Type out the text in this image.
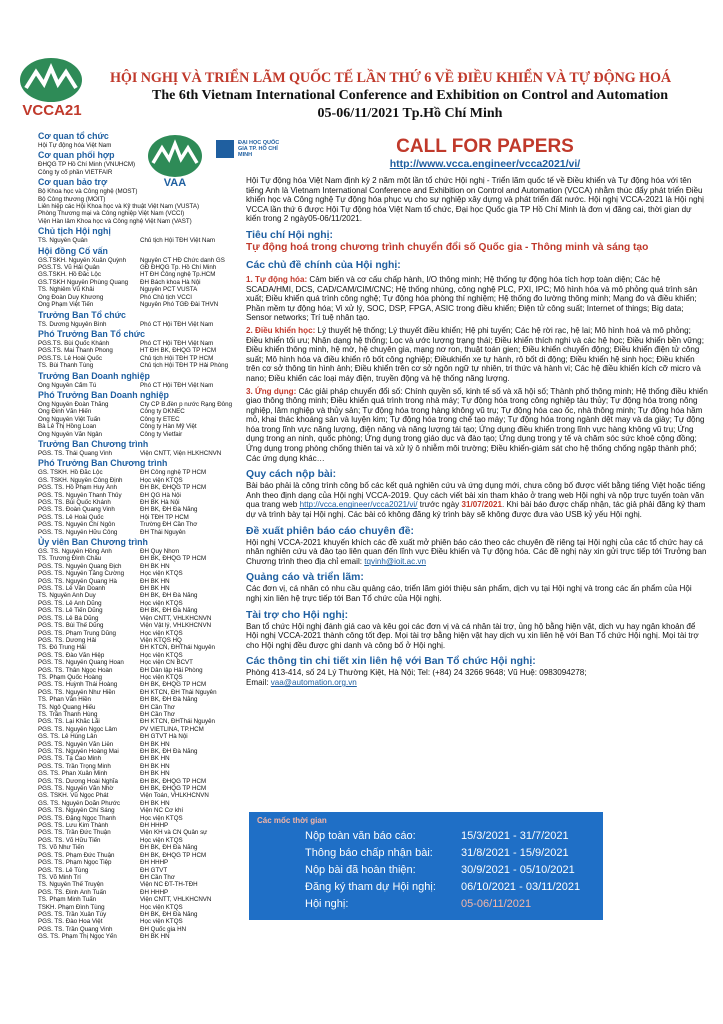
VCCA21
HỘI NGHỊ VÀ TRIỂN LÃM QUỐC TẾ LẦN THỨ 6 VỀ ĐIỀU KHIỂN VÀ TỰ ĐỘNG HOÁ
The 6th Vietnam International Conference and Exhibition on Control and Automation
05-06/11/2021 Tp.Hồ Chí Minh
VAA
ĐẠI HỌC QUỐC GIA TP. HỒ CHÍ MINH	CALL FOR PAPERS
http://www.vcca.engineer/vcca2021/vi/
Cơ quan tổ chức
Hội Tự động hóa Việt Nam
Cơ quan phối hợp
ĐHQG TP Hồ Chí Minh (VNUHCM)
Công ty cổ phần VIETFAIR
Cơ quan bảo trợ
Bộ Khoa học và Công nghệ (MOST)
Bộ Công thương (MOIT)
Liên hiệp các Hội Khoa học và Kỹ thuật Việt Nam (VUSTA)
Phòng Thương mại và Công nghiệp Việt Nam (VCCI)
Viện Hàn lâm Khoa học và Công nghệ Việt Nam (VAST)
Chủ tịch Hội nghị
TS. Nguyễn Quân	Chủ tịch Hội TĐH Việt Nam
Hội đồng Cố vấn
GS.TSKH. Nguyễn Xuân Quỳnh	Nguyên CT HĐ Chức danh GS
PGS.TS. Vũ Hải Quân	GĐ ĐHQG Tp. Hồ Chí Minh
GS.TSKH. Hồ Đắc Lộc	HT ĐH Công nghệ Tp.HCM
GS.TSKH Nguyễn Phùng Quang	ĐH Bách khoa Hà Nội
TS. Nghiêm Vũ Khải	Nguyên PCT VUSTA
Ông Đoàn Duy Khương	Phó Chủ tịch VCCI
Ông Phạm Việt Tiến	Nguyên Phó TGĐ Đài THVN
Trưởng Ban Tổ chức
TS. Dương Nguyên Bình	Phó CT Hội TĐH Việt Nam
Phó Trưởng Ban Tổ chức
PGS.TS. Bùi Quốc Khánh	Phó CT Hội TĐH Việt Nam
PGS.TS. Mai Thanh Phong	HT ĐH BK, ĐHQG TP HCM
PGS.TS. Lê Hoài Quốc	Chủ tịch Hội TĐH TP HCM
TS. Bùi Thanh Tùng	Chủ tịch Hội TĐH TP Hải Phòng
Trưởng Ban Doanh nghiệp
Ông Nguyễn Cẩm Tú	Phó CT Hội TĐH Việt Nam
Phó Trưởng Ban Doanh nghiệp
Ông Nguyễn Đoàn Thăng	Cty CP B.đèn p nước Rạng Đông
Ông Đinh Văn Hiến	Công ty DKNEC
Ông Nguyễn Việt Tuấn	Công ty ETEC
Bà Lê Thị Hồng Loan	Công ty Hàn Mỹ Việt
Ông Nguyễn Văn Ngân	Công ty Vietfair
Trưởng Ban Chương trình
PGS. TS. Thái Quang Vinh	Viện CNTT, Viện HLKHCNVN
Phó Trưởng Ban Chương trình
GS. TSKH. Hồ Đắc Lộc	ĐH Công nghệ TP HCM
GS. TSKH. Nguyễn Công Định	Học viện KTQS
PGS. TS. Hồ Phạm Huy Ánh	ĐH BK, ĐHQG TP HCM
PGS. TS. Nguyễn Thanh Thủy	ĐH QG Hà Nội
PGS. TS. Bùi Quốc Khánh	ĐH BK Hà Nội
PGS. TS. Đoàn Quang Vinh	ĐH BK, ĐH Đà Nẵng
PGS. TS. Lê Hoài Quốc	Hội TĐH TP HCM
PGS. TS. Nguyễn Chí Ngôn	Trường ĐH Cần Thơ
PGS. TS. Nguyễn Hữu Công	ĐH Thái Nguyên
Ủy viên Ban Chương trình
GS. TS. Nguyễn Hồng Anh	ĐH Quy Nhơn
TS. Trương Đình Châu	ĐH BK, ĐHQG TP HCM
PGS. TS. Nguyễn Quang Địch	ĐH BK HN
PGS. TS. Nguyễn Tăng Cường	Học viện KTQS
PGS. TS. Nguyễn Quang Hà	ĐH BK HN
PGS. TS. Lê Văn Doanh	ĐH BK HN
TS. Nguyễn Anh Duy	ĐH BK, ĐH Đà Nẵng
PGS. TS. Lê Anh Dũng	Học viện KTQS
PGS. TS. Lê Tiến Dũng	ĐH BK, ĐH Đà Nẵng
PGS. TS. Lê Bá Dũng	Viện CNTT, VHLKHCNVN
PGS. TS. Bùi Thế Dũng	Viện Vật lý, VHLKHCNVN
PGS. TS. Phạm Trung Dũng	Học viện KTQS
PGS. TS. Dương Hải	Viện KTQS HQ
TS. Đỗ Trung Hải	ĐH KTCN, ĐHThái Nguyên
PGS. TS. Đào Văn Hiệp	Học viện KTQS
PGS. TS. Nguyễn Quang Hoan	Học viện CN BCVT
PGS. TS. Thân Ngọc Hoàn	ĐH Dân lập Hải Phòng
TS. Phạm Quốc Hoàng	Học viện KTQS
PGS. TS. Huỳnh Thái Hoàng	ĐH BK, ĐHQG TP HCM
PGS. TS. Nguyễn Như Hiền	ĐH KTCN, ĐH Thái Nguyên
TS. Phan Văn Hiền	ĐH BK, ĐH Đà Nẵng
TS. Ngô Quang Hiếu	ĐH Cần Thơ
TS. Trần Thanh Hùng	ĐH Cần Thơ
PGS. TS. Lại Khắc Lãi	ĐH KTCN, ĐHThái Nguyên
PGS. TS. Nguyễn Ngọc Lâm	PV VIETLINA, TP.HCM
GS. TS. Lê Hùng Lân	ĐH GTVT Hà Nội
PGS. TS. Nguyễn Văn Liễn	ĐH BK HN
PGS. TS. Nguyễn Hoàng Mai	ĐH BK, ĐH Đà Nẵng
PGS. TS. Tạ Cao Minh	ĐH BK HN
PGS. TS. Trần Trọng Minh	ĐH BK HN
GS. TS. Phan Xuân Minh	ĐH BK HN
PGS. TS. Dương Hoài Nghĩa	ĐH BK, ĐHQG TP HCM
PGS. TS. Nguyễn Văn Nhờ	ĐH BK, ĐHQG TP HCM
GS. TSKH. Vũ Ngọc Phát	Viện Toán, VHLKHCNVN
GS. TS. Nguyễn Doãn Phước	ĐH BK HN
PGS. TS. Nguyễn Chí Sáng	Viện NC Cơ khí
PGS. TS. Đặng Ngọc Thanh	Học viện KTQS
PGS. TS. Lưu Kim Thành	ĐH HHHP
PGS. TS. Trần Đức Thuận	Viện KH và CN Quân sự
PGS. TS. Võ Hữu Tiến	Học viện KTQS
TS. Võ Như Tiến	ĐH BK, ĐH Đà Nẵng
PGS. TS. Phạm Đức Thuận	ĐH BK, ĐHQG TP HCM
PGS. TS. Phạm Ngọc Tiệp	ĐH HHHP
PGS. TS. Lê Tùng	ĐH GTVT
TS. Võ Minh Trí	ĐH Cần Thơ
TS. Nguyễn Thế Truyện	Viện NC ĐT-TH-TĐH
PGS. TS. Đinh Anh Tuấn	ĐH HHHP
TS. Phạm Minh Tuấn	Viện CNTT, VHLKHCNVN
TSKH. Phạm Đình Tùng	Học viện KTQS
PGS. TS. Trần Xuân Tùy	ĐH BK, ĐH Đà Nẵng
PGS. TS. Đào Hoa Việt	Học viện KTQS
PGS. TS. Trần Quang Vinh	ĐH Quốc gia HN
GS. TS. Phạm Thị Ngọc Yến	ĐH BK HN

Hội Tự động hóa Việt Nam định kỳ 2 năm một lần tổ chức Hội nghị - Triển lãm quốc tế về Điều khiển và Tự động hóa với tên tiếng Anh là Vietnam International Conference and Exhibition on Control and Automation (VCCA) nhằm thúc đẩy phát triển Điều khiển học và Công nghệ Tự động hóa phục vụ cho sự nghiệp xây dựng và phát triển đất nước. Hội nghị VCCA-2021 là Hội nghị VCCA lần thứ 6 được Hội Tự động hóa Việt Nam tổ chức, Đại học Quốc gia TP Hồ Chí Minh là đơn vị đăng cai, thời gian dự kiến trong 2 ngày05-06/11/2021.

Tiêu chí Hội nghị:
Tự động hoá trong chương trình chuyển đổi số Quốc gia - Thông minh và sáng tạo
Các chủ đề chính của Hội nghị:

1. Tự động hóa: Cảm biến và cơ cấu chấp hành, I/O thông minh; Hệ thống tự động hóa tích hợp toàn diện; Các hệ SCADA/HMI, DCS, CAD/CAM/CIM/CNC; Hệ thống nhúng, công nghệ PLC, PXI, IPC; Mô hình hóa và mô phỏng quá trình sản xuất; Điều khiển quá trình công nghệ; Tự động hóa phòng thí nghiệm; Hệ thống đo lường thông minh; Mạng đo và điều khiển; Phần mềm tự động hóa; Vi xử lý, SOC, DSP, FPGA, ASIC trong điều khiển; Điện tử công suất; Internet of things; Big data; Sensor networks; Trí tuệ nhân tạo.

2. Điều khiển học: Lý thuyết hệ thống; Lý thuyết điều khiển; Hệ phi tuyến; Các hệ rời rạc, hệ lai; Mô hình hoá và mô phỏng; Điều khiển tối ưu; Nhận dạng hệ thống; Lọc và ước lượng trạng thái; Điều khiển thích nghi và các hệ học; Điều khiển bền vững; Điều khiển thông minh, hệ mờ, hệ chuyên gia, mạng nơ ron, thuật toán gien; Điều khiển chuyển động; Điều khiển điện tử công suất; Mô hình hóa và điều khiển rô bốt công nghiệp; Điềukhiển xe tự hành, rô bốt di động; Điều khiển hệ sinh học; Điều khiển trên cơ sở thông tin hình ảnh; Điều khiển trên cơ sở ngôn ngữ tự nhiên, tri thức và hành vi; Các hệ điều khiển kích cỡ micro và nano; Điều khiển các loại máy điện, truyền động và hệ thống năng lượng.

3. Ứng dụng: Các giải pháp chuyển đổi số: Chính quyền số, kinh tế số và xã hội số; Thành phố thông minh; Hệ thống điều khiển giao thông thông minh; Điều khiển quá trình trong nhà máy; Tự động hóa trong công nghiệp tàu thủy; Tự động hóa trong nông nghiệp, lâm nghiệp và thủy sản; Tự động hóa trong hàng không vũ trụ; Tự động hóa cao ốc, nhà thông minh; Tự động hóa hầm mỏ, khai thác khoáng sản và luyện kim; Tự động hóa trong chế tạo máy; Tự động hóa trong ngành dệt may và da giày; Tự động hóa trong lĩnh vực năng lượng, điện năng và năng lượng tái tạo; Ứng dụng điều khiển trong lĩnh vực hàng không vũ trụ; Ứng dụng trong an ninh, quốc phòng; Ứng dụng trong giáo dục và đào tạo; Ứng dụng trong y tế và chăm sóc sức khoẻ cộng đồng; Ứng dụng trong phòng chống thiên tai và xử lý ô nhiễm môi trường; Điều khiển-giám sát cho hệ thống chống ngập thành phố; Các ứng dụng khác…

Quy cách nộp bài:

Bài báo phải là công trình công bố các kết quả nghiên cứu và ứng dụng mới, chưa công bố được viết bằng tiếng Việt hoặc tiếng Anh theo định dạng của Hội nghị VCCA-2019. Quy cách viết bài xin tham khảo ở trang web Hội nghị và nộp trực tuyến toàn văn qua trang web http://vcca.engineer/vcca2021/vi/ trước ngày 31/07/2021. Khi bài báo được chấp nhận, tác giả phải đăng ký tham dự và trình bày tại Hội nghị. Các bài có không đăng ký trình bày sẽ không được đưa vào USB kỷ yếu Hội nghị.

Đề xuất phiên báo cáo chuyên đề:

Hội nghị VCCA-2021 khuyến khích các đề xuất mở phiên báo cáo theo các chuyên đề riêng tại Hội nghị của các tổ chức hay cá nhân nghiên cứu và đào tạo liên quan đến lĩnh vực Điều khiển và Tự động hóa. Các đề nghị này xin gửi trực tiếp tới Trưởng ban Chương trình theo địa chỉ email: tqvinh@ioit.ac.vn

Quảng cáo và triển lãm:

Các đơn vị, cá nhân có nhu cầu quảng cáo, triển lãm giới thiệu sản phẩm, dịch vụ tại Hội nghị và trong các ấn phẩm của Hội nghị xin liên hệ trực tiếp tới Ban Tổ chức của Hội nghị.

Tài trợ cho Hội nghị:

Ban tổ chức Hội nghị đánh giá cao và kêu gọi các đơn vị và cá nhân tài trợ, ủng hộ bằng hiện vật, dịch vụ hay ngân khoản để Hội nghị VCCA-2021 thành công tốt đẹp. Mọi tài trợ bằng hiện vật hay dịch vụ xin liên hệ với Ban Tổ chức Hội nghị. Mọi tài trợ cho Hội nghị đều được ghi danh và công bố ở Hội nghị.

Các thông tin chi tiết xin liên hệ với Ban Tổ chức Hội nghị:

Phòng 413-414, số 24 Lý Thường Kiệt, Hà Nội; Tel: (+84) 24 3266 9648; Vũ Huệ: 0983094278;

Email: vaa@automation.org.vn

Các mốc thời gian
Nộp toàn văn báo cáo:	15/3/2021 - 31/7/2021
Thông báo chấp nhận bài:	31/8/2021 - 15/9/2021
Nộp bài đã hoàn thiện:	30/9/2021 - 05/10/2021
Đăng ký tham dự Hội nghị:	06/10/2021 - 03/11/2021
Hội nghị:	05-06/11/2021
